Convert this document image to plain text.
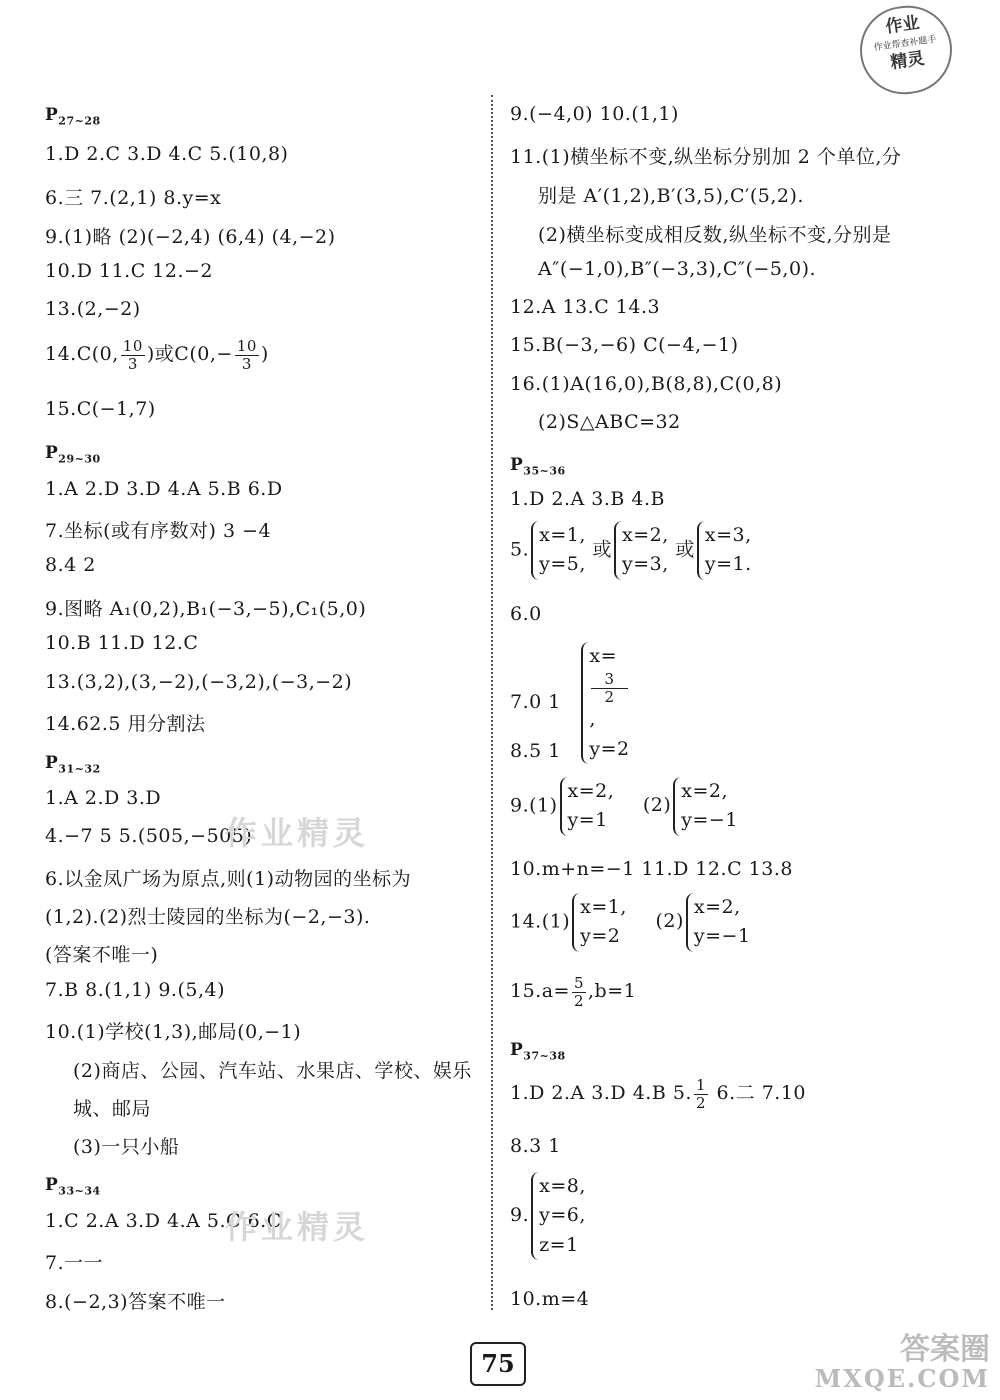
作业
作业帮查补题手
精灵
$P_{27\sim 28}$
1.D 2.C 3.D 4.C 5.(10,8)
6.三 7.(2,1) 8.y=x
9.(1)略 (2)(−2,4) (6,4) (4,−2)
10.D 11.C 12.−2
13.(2,−2)
14.C(0, $\frac{10}{3}$ )或$C(0,- \frac{10}{3}$ )
15.C(−1,7)
$P_{29\sim 30}$
1.A 2.D 3.D 4.A 5.B 6.D
7.坐标(或有序数对) 3 −4
8.4 2
9.图略 A₁(0,2),B₁(−3,−5),C₁(5,0)
10.B 11.D 12.C
13.(3,2),(3,−2),(−3,2),(−3,−2)
14.62.5 用分割法
$P_{31\sim 32}$
1.A 2.D 3.D
4.−7 5 5.(505,−505)
6.以金凤广场为原点,则(1)动物园的坐标为
(1,2).(2)烈士陵园的坐标为(−2,−3).
(答案不唯一)
7.B 8.(1,1) 9.(5,4)
10.(1)学校(1,3),邮局(0,−1)
(2)商店、公园、汽车站、水果店、学校、娱乐
城、邮局
(3)一只小船
$P_{33\sim 34}$
1.C 2.A 3.D 4.A 5.C 6.C
7.一一
8.(−2,3)答案不唯一
9.(−4,0) 10.(1,1)
11.(1)横坐标不变,纵坐标分别加 2 个单位,分
别是 A′(1,2),B′(3,5),C′(5,2).
(2)横坐标变成相反数,纵坐标不变,分别是
A″(−1,0),B″(−3,3),C″(−5,0).
12.A 13.C 14.3
15.B(−3,−6) C(−4,−1)
16.(1)A(16,0),B(8,8),C(0,8)
(2)S△ABC=32
$P_{35\sim 36}$
1.D 2.A 3.B 4.B
5.
x=1,
y=5,
或
x=2,
y=3,
或
x=3,
y=1.
6.0
7.0 1
x=
3
2
,
y=2
8.5 1
9.(1)
x=2,
y=1
(2)
x=2,
y=−1
10.m+n=−1 11.D 12.C 13.8
14.(1)
x=1,
y=2
(2)
x=2,
y=−1
$15.a= \frac{5}{2} ,b=1$
$P_{37\sim 38}$
1.D 2.A 3.D 4.B 5. $\frac{1}{2} 6$.二 7.10
8.3 1
9.
x=8,
y=6,
z=1
10.m=4
作业精灵
作业精灵
75	答案圈
MXQE.COM
